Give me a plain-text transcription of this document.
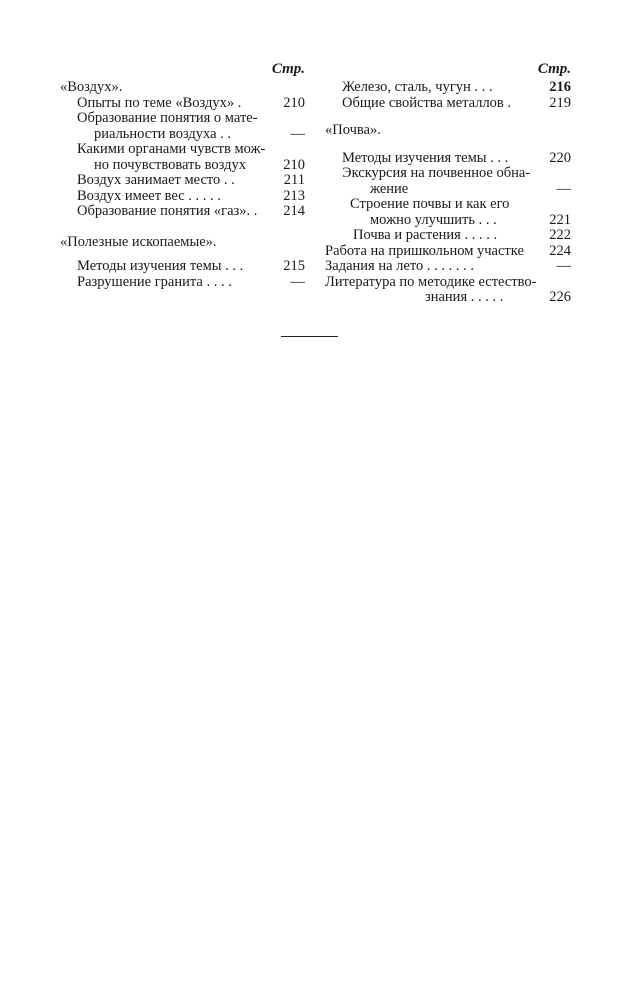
Стр.
«Воздух».
Опыты по теме «Воздух» .	210
Образование понятия о мате-
риальности воздуха . .	—
Какими органами чувств мож-
но почувствовать воздух	210
Воздух занимает место . .	211
Воздух имеет вес . . . . .	213
Образование понятия «газ». .	214
«Полезные ископаемые».
Методы изучения темы . . .	215
Разрушение гранита . . . .	—
Стр.
Железо, сталь, чугун . . .	216
Общие свойства металлов .	219
«Почва».
Методы изучения темы . . .	220
Экскурсия на почвенное обна-
жение	—
Строение почвы и как его
можно улучшить . . .	221
Почва и растения . . . . .	222
Работа на пришкольном участке	224
Задания на лето . . . . . . .	—
Литература по методике естество-
знания . . . . .	226
